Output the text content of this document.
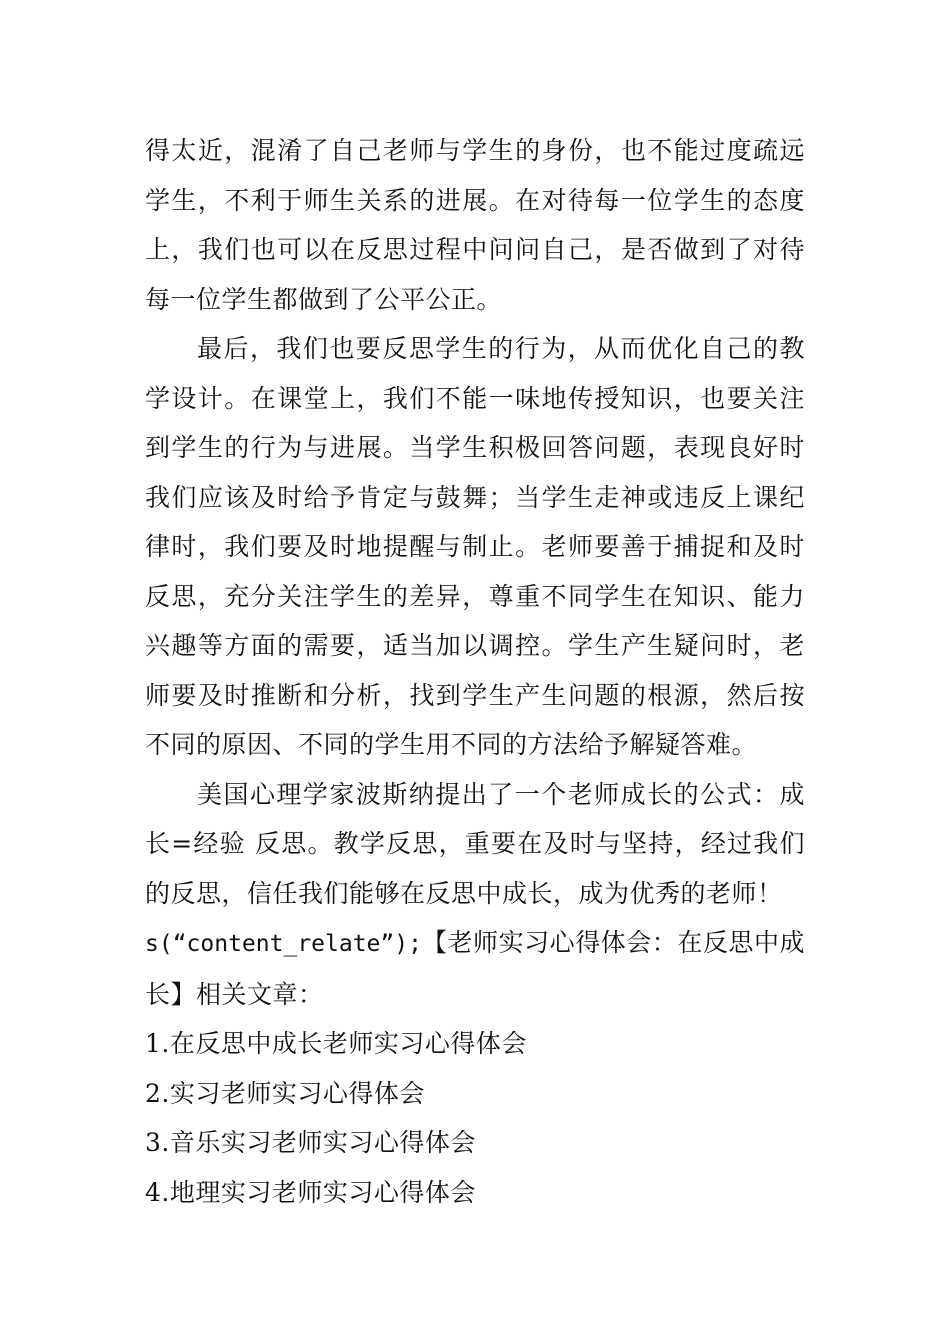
得太近，混淆了自己老师与学生的身份，也不能过度疏远学生，不利于师生关系的进展。在对待每一位学生的态度上，我们也可以在反思过程中问问自己，是否做到了对待每一位学生都做到了公平公正。

最后，我们也要反思学生的行为，从而优化自己的教学设计。在课堂上，我们不能一味地传授知识，也要关注到学生的行为与进展。当学生积极回答问题，表现良好时我们应该及时给予肯定与鼓舞；当学生走神或违反上课纪律时，我们要及时地提醒与制止。老师要善于捕捉和及时反思，充分关注学生的差异，尊重不同学生在知识、能力兴趣等方面的需要，适当加以调控。学生产生疑问时，老师要及时推断和分析，找到学生产生问题的根源，然后按不同的原因、不同的学生用不同的方法给予解疑答难。

美国心理学家波斯纳提出了一个老师成长的公式：成长=经验 反思。教学反思，重要在及时与坚持，经过我们的反思，信任我们能够在反思中成长，成为优秀的老师！

s(“content_relate”);【老师实习心得体会：在反思中成长】相关文章：

1.在反思中成长老师实习心得体会

2.实习老师实习心得体会

3.音乐实习老师实习心得体会

4.地理实习老师实习心得体会
